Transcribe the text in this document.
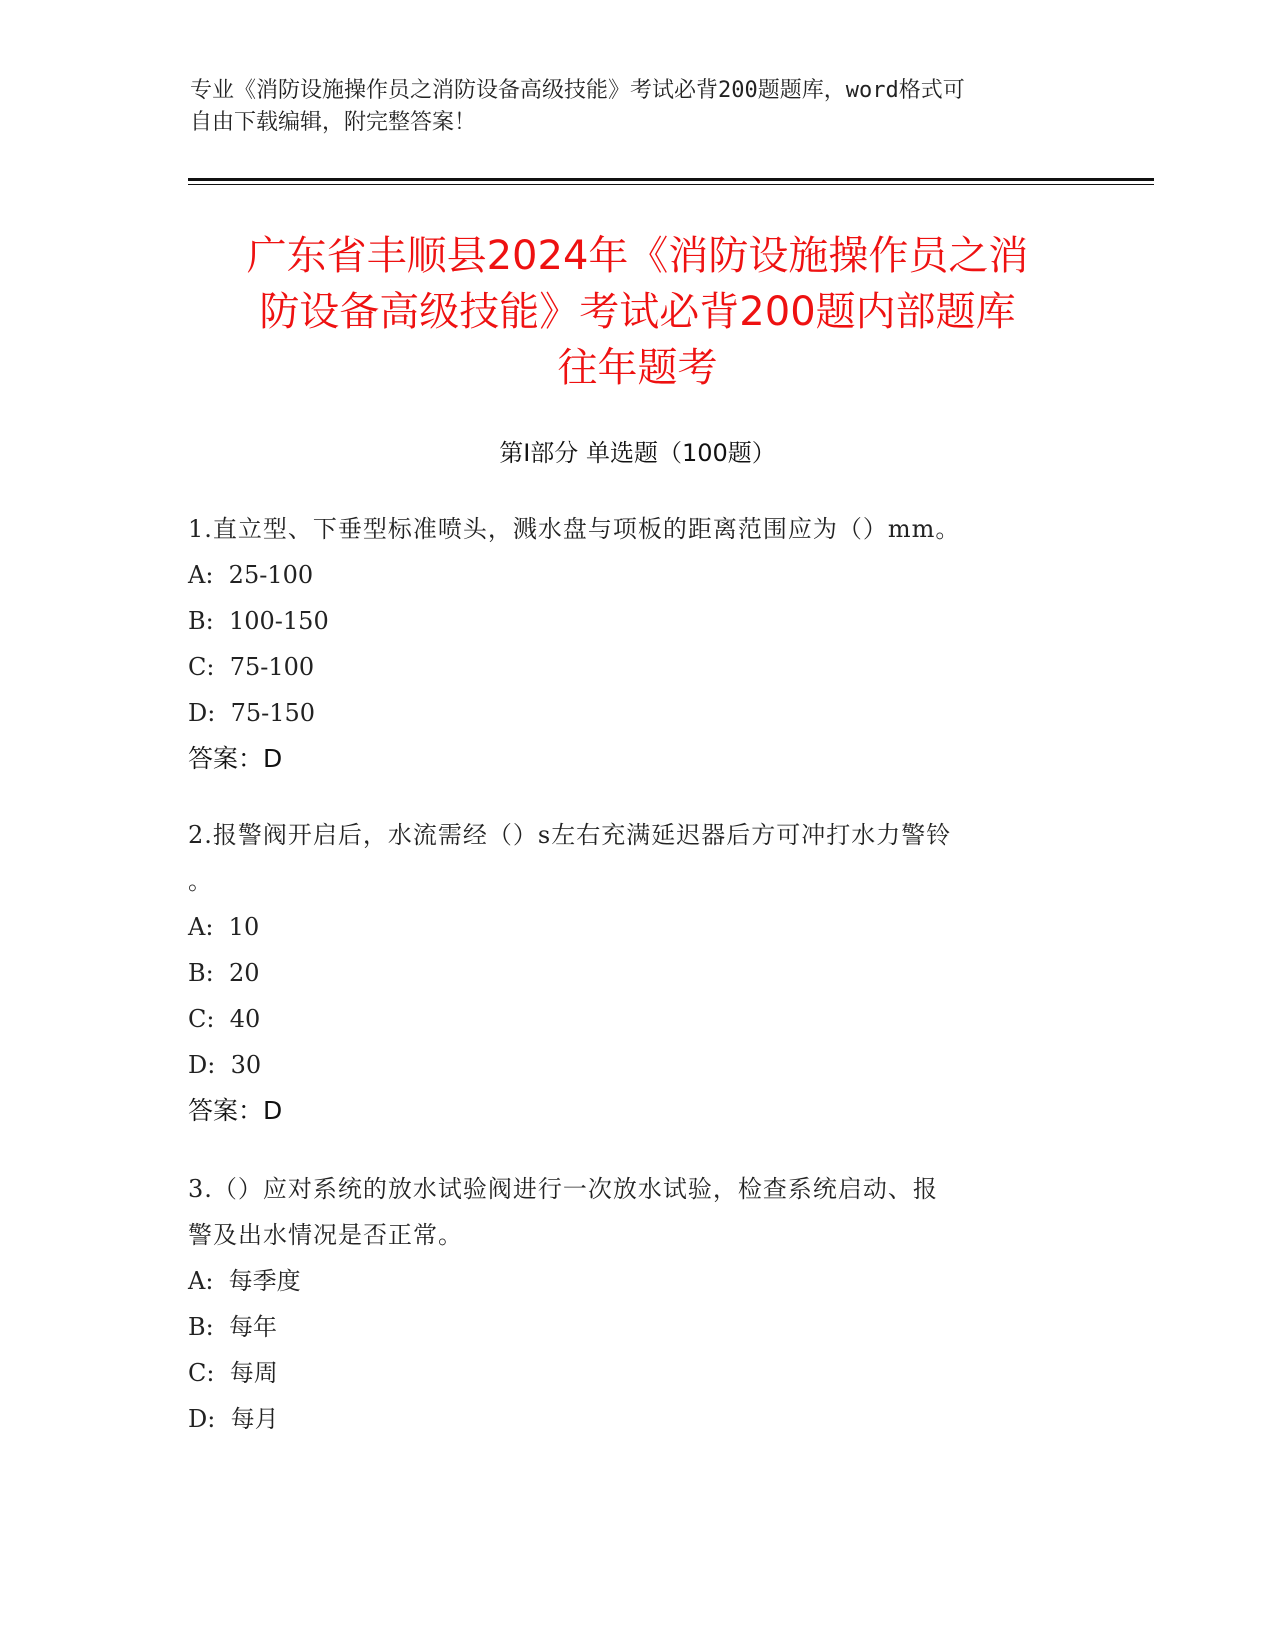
专业《消防设施操作员之消防设备高级技能》考试必背200题题库，word格式可
自由下载编辑，附完整答案！
广东省丰顺县2024年《消防设施操作员之消
防设备高级技能》考试必背200题内部题库
往年题考
第Ⅰ部分 单选题（100题）
1.直立型、下垂型标准喷头，溅水盘与项板的距离范围应为（）mm。
A:  25-100
B:  100-150
C:  75-100
D:  75-150
答案：D
2.报警阀开启后，水流需经（）s左右充满延迟器后方可冲打水力警铃
。
A:  10
B:  20
C:  40
D:  30
答案：D
3.（）应对系统的放水试验阀进行一次放水试验，检查系统启动、报
警及出水情况是否正常。
A:  每季度
B:  每年
C:  每周
D:  每月
